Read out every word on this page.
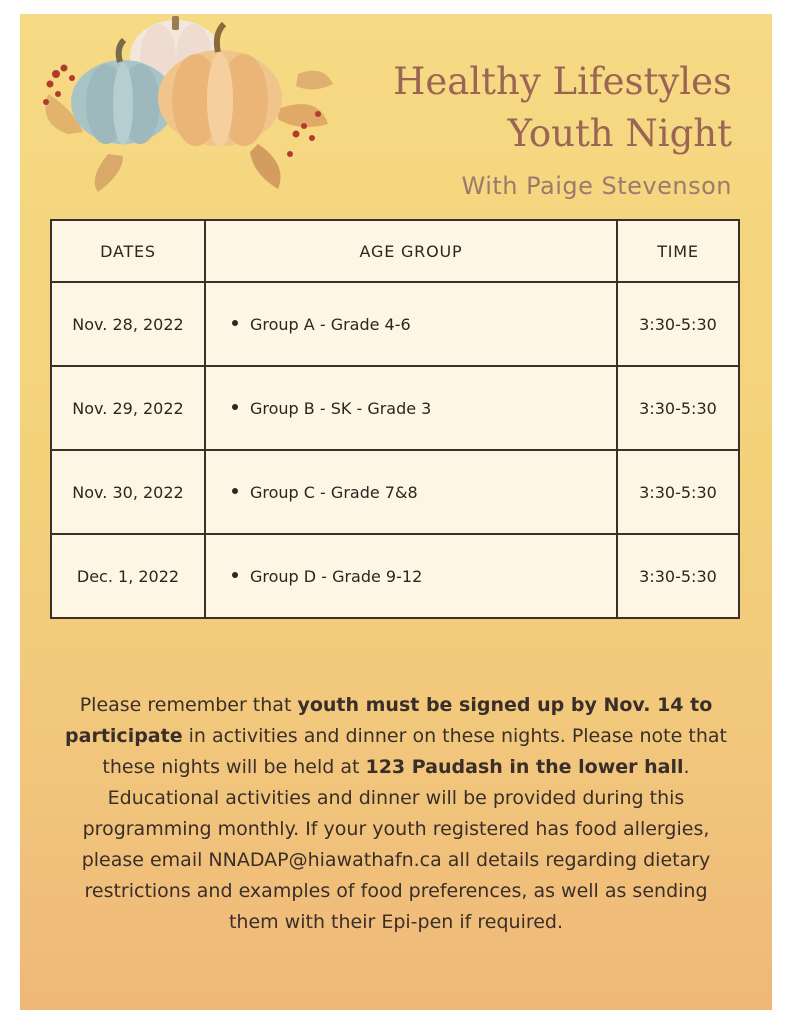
Healthy Lifestyles
Youth Night
With Paige Stevenson
DATES	AGE GROUP	TIME
Nov. 28, 2022	Group A - Grade 4-6	3:30-5:30
Nov. 29, 2022	Group B - SK - Grade 3	3:30-5:30
Nov. 30, 2022	Group C - Grade 7&8	3:30-5:30
Dec. 1, 2022	Group D - Grade 9-12	3:30-5:30
Please remember that youth must be signed up by Nov. 14 to participate in activities and dinner on these nights. Please note that these nights will be held at 123 Paudash in the lower hall. Educational activities and dinner will be provided during this programming monthly. If your youth registered has food allergies, please email NNADAP@hiawathafn.ca all details regarding dietary restrictions and examples of food preferences, as well as sending them with their Epi-pen if required.
